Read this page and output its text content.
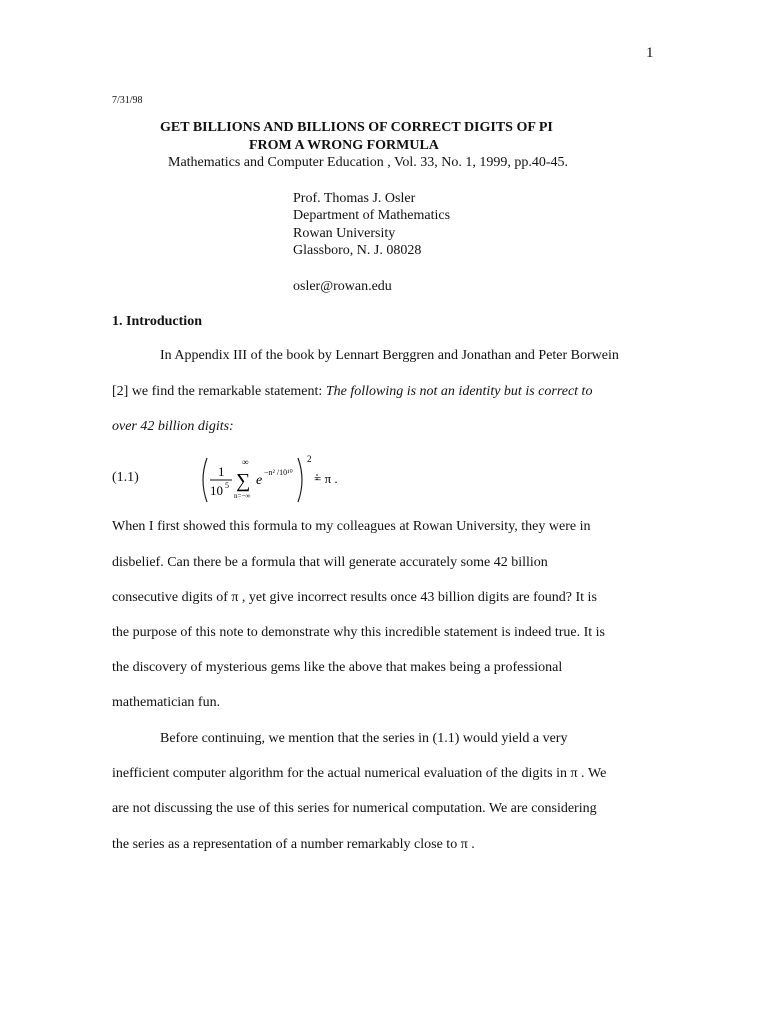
1
7/31/98
GET BILLIONS AND BILLIONS OF CORRECT DIGITS OF PI
FROM A WRONG FORMULA
Mathematics and Computer Education , Vol. 33, No. 1, 1999, pp.40-45.
Prof. Thomas J. Osler
Department of Mathematics
Rowan University
Glassboro, N. J. 08028
osler@rowan.edu
1. Introduction
In Appendix III of the book by Lennart Berggren and Jonathan and Peter Borwein
[2] we find the remarkable statement: The following is not an identity but is correct to
over 42 billion digits:
(1.1)	1
10 5
∞
∑
n=−∞
e
−n² /10¹⁰
2
= π .
When I first showed this formula to my colleagues at Rowan University, they were in
disbelief. Can there be a formula that will generate accurately some 42 billion
consecutive digits of π , yet give incorrect results once 43 billion digits are found? It is
the purpose of this note to demonstrate why this incredible statement is indeed true. It is
the discovery of mysterious gems like the above that makes being a professional
mathematician fun.
Before continuing, we mention that the series in (1.1) would yield a very
inefficient computer algorithm for the actual numerical evaluation of the digits in π . We
are not discussing the use of this series for numerical computation. We are considering
the series as a representation of a number remarkably close to π .
